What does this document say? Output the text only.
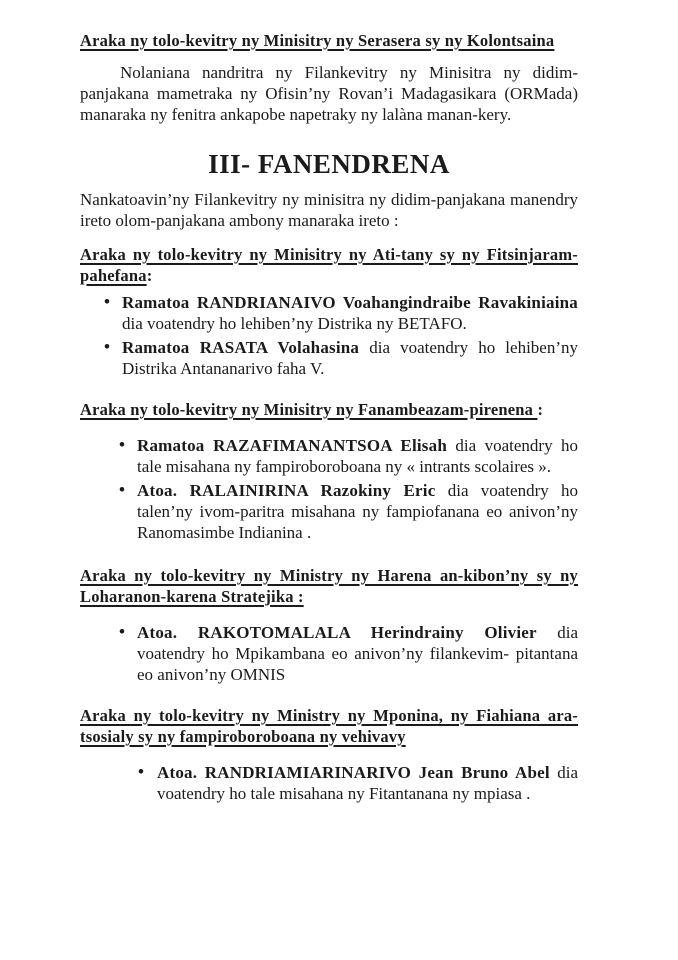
Araka ny tolo-kevitry ny Minisitry ny Serasera sy ny Kolontsaina

Nolaniana nandritra ny Filankevitry ny Minisitra ny didim-panjakana mametraka ny Ofisin’ny Rovan’i Madagasikara (ORMada) manaraka ny fenitra ankapobe napetraky ny lalàna manan-kery.

III- FANENDRENA

Nankatoavin’ny Filankevitry ny minisitra ny didim-panjakana manendry ireto olom-panjakana ambony manaraka ireto :

Araka ny tolo-kevitry ny Minisitry ny Ati-tany sy ny Fitsinjaram-pahefana:
• Ramatoa RANDRIANAIVO Voahangindraibe Ravakiniaina dia voatendry ho lehiben’ny Distrika ny BETAFO.
• Ramatoa RASATA Volahasina dia voatendry ho lehiben’ny Distrika Antananarivo faha V.
Araka ny tolo-kevitry ny Minisitry ny Fanambeazam-pirenena :
• Ramatoa RAZAFIMANANTSOA Elisah dia voatendry ho tale misahana ny fampiroboroboana ny « intrants scolaires ».
• Atoa. RALAINIRINA Razokiny Eric dia voatendry ho talen’ny ivom-paritra misahana ny fampiofanana eo anivon’ny Ranomasimbe Indianina .
Araka ny tolo-kevitry ny Ministry ny Harena an-kibon’ny sy ny Loharanon-karena Stratejika :
• Atoa. RAKOTOMALALA Herindrainy Olivier dia voatendry ho Mpikambana eo anivon’ny filankevim- pitantana eo anivon’ny OMNIS
Araka ny tolo-kevitry ny Ministry ny Mponina, ny Fiahiana ara-tsosialy sy ny fampiroboroboana ny vehivavy
• Atoa. RANDRIAMIARINARIVO Jean Bruno Abel dia voatendry ho tale misahana ny Fitantanana ny mpiasa .
